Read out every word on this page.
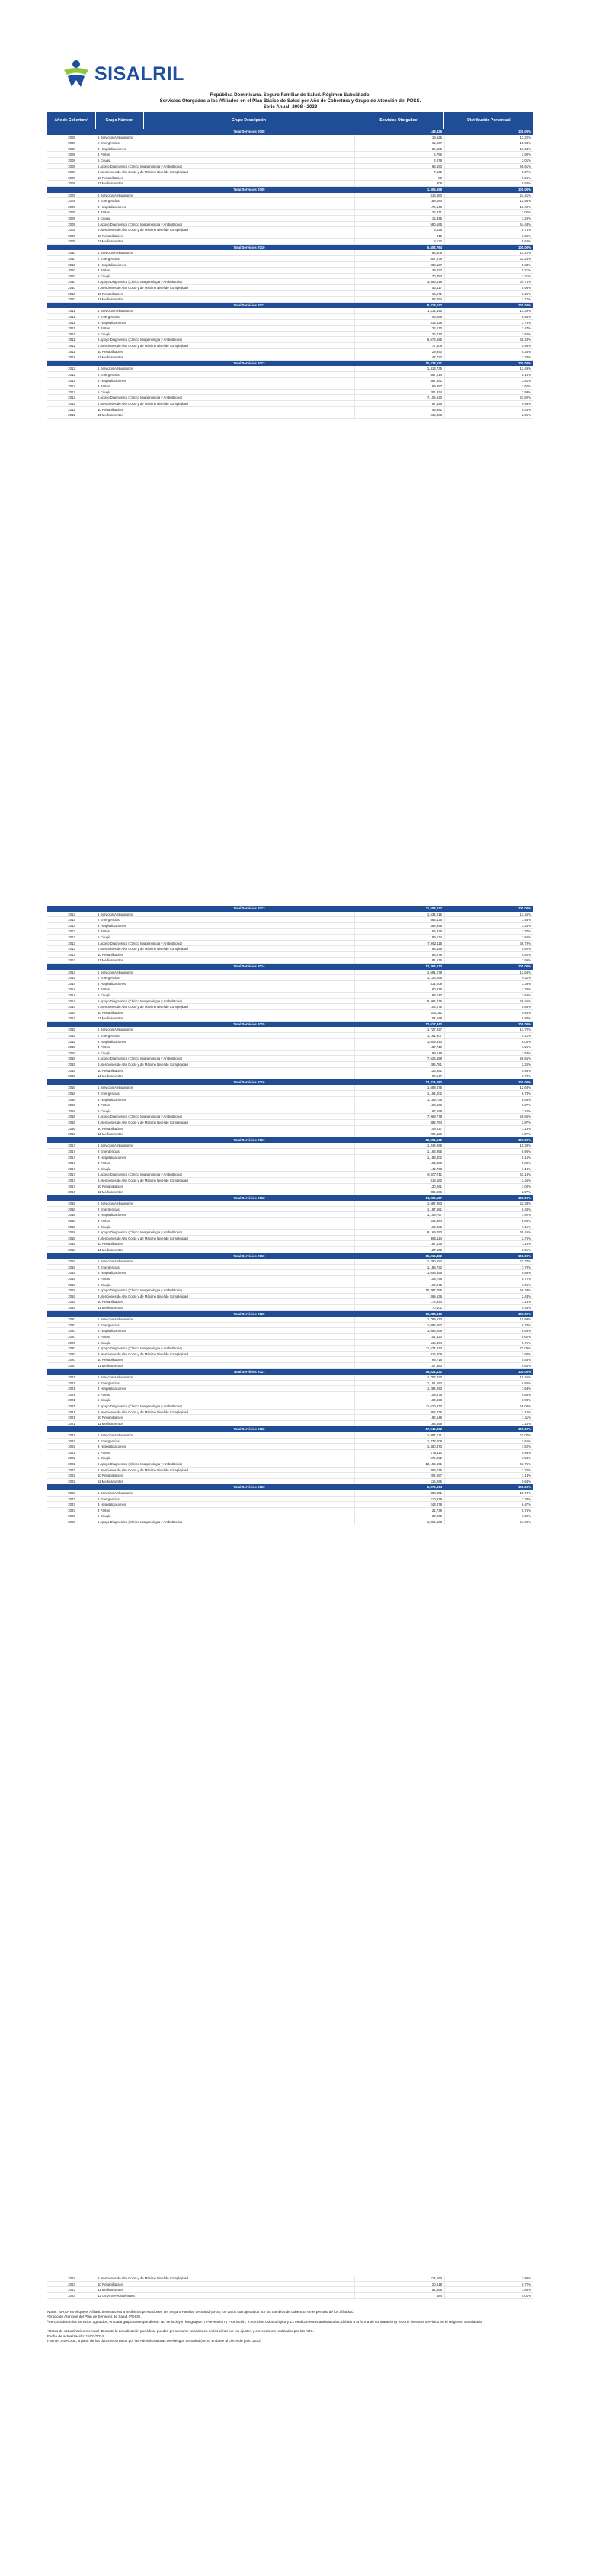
SISALRIL
República Dominicana. Seguro Familiar de Salud. Régimen Subsidiado.
Servicios Otorgados a los Afiliados en el Plan Básico de Salud por Año de Cobertura y Grupo de Atención del PDSS.
Serie Anual: 2008 - 2023
Año de Cobertura¹	Grupo Número²	Grupo Descripción	Servicios Otorgados³	Distribución Porcentual
Total Servicios 2008	148,436	100.00%
2008	1 Servicios Ambulatorios	19,626	13.22%
2008	2 Emergencias	16,237	10.94%
2008	3 Hospitalizaciones	26,185	17.64%
2008	4 Partos	5,796	3.90%
2008	5 Cirugía	2,979	2.01%
2008	6 Apoyo Diagnóstico (Clínico Imagenología y Ambulatorio)	69,193	46.61%
2008	8 Atenciones de Alto Costo y de Máximo Nivel de Complejidad	7,532	5.07%
2008	10 Rehabilitación	80	0.05%
2008	11 Medicamentos	808	0.54%
Total Servicios 2009	1,305,658	100.00%
2009	1 Servicios Ambulatorios	318,680	24.41%
2009	2 Emergencias	169,084	12.95%
2009	3 Hospitalizaciones	176,140	13.49%
2009	4 Partos	26,771	2.05%
2009	5 Cirugía	16,345	1.25%
2009	6 Apoyo Diagnóstico (Clínico Imagenología y Ambulatorio)	580,165	44.43%
2009	8 Atenciones de Alto Costo y de Máximo Nivel de Complejidad	9,526	0.73%
2009	10 Rehabilitación	815	0.06%
2009	11 Medicamentos	8,132	0.62%
Total Servicios 2010	5,402,764	100.00%
2010	1 Servicios Ambulatorios	768,508	14.22%
2010	2 Emergencias	607,679	11.25%
2010	3 Hospitalizaciones	288,127	5.33%
2010	4 Partos	38,337	0.71%
2010	5 Cirugía	70,753	1.31%
2010	6 Apoyo Diagnóstico (Clínico Imagenología y Ambulatorio)	3,498,318	64.75%
2010	8 Atenciones de Alto Costo y de Máximo Nivel de Complejidad	52,117	0.96%
2010	10 Rehabilitación	15,671	0.29%
2010	11 Medicamentos	63,254	1.17%
Total Servicios 2011	8,318,527	100.00%
2011	1 Servicios Ambulatorios	1,114,145	13.39%
2011	2 Emergencias	709,698	8.53%
2011	3 Hospitalizaciones	314,428	3.78%
2011	4 Partos	122,170	1.47%
2011	5 Cirugía	126,710	1.52%
2011	6 Apoyo Diagnóstico (Clínico Imagenología y Ambulatorio)	5,676,585	68.24%
2011	8 Atenciones de Alto Costo y de Máximo Nivel de Complejidad	77,109	0.93%
2011	10 Rehabilitación	29,950	0.36%
2011	11 Medicamentos	147,732	1.78%
Total Servicios 2012	10,478,531	100.00%
2012	1 Servicios Ambulatorios	1,413,735	13.49%
2012	2 Emergencias	857,214	8.18%
2012	3 Hospitalizaciones	367,591	3.51%
2012	4 Partos	169,257	1.62%
2012	5 Cirugía	201,934	1.93%
2012	6 Apoyo Diagnóstico (Clínico Imagenología y Ambulatorio)	7,106,620	67.82%
2012	8 Atenciones de Alto Costo y de Máximo Nivel de Complejidad	97,146	0.93%
2012	10 Rehabilitación	49,951	0.48%
2012	11 Medicamentos	215,083	2.05%
Total Servicios 2013	11,408,672	100.00%
2013	1 Servicios Ambulatorios	1,534,015	13.45%
2013	2 Emergencias	865,135	7.58%
2013	3 Hospitalizaciones	368,898	3.23%
2013	4 Partos	155,825	1.37%
2013	5 Cirugía	189,134	1.66%
2013	6 Apoyo Diagnóstico (Clínico Imagenología y Ambulatorio)	7,962,115	69.79%
2013	8 Atenciones de Alto Costo y de Máximo Nivel de Complejidad	93,155	0.82%
2013	10 Rehabilitación	58,879	0.52%
2013	11 Medicamentos	181,516	1.59%
Total Servicios 2014	12,364,633	100.00%
2014	1 Servicios Ambulatorios	1,691,279	13.68%
2014	2 Emergencias	1,126,255	9.11%
2014	3 Hospitalizaciones	412,009	3.33%
2014	4 Partos	160,278	1.30%
2014	5 Cirugía	193,142	1.56%
2014	6 Apoyo Diagnóstico (Clínico Imagenología y Ambulatorio)	8,464,215	68.45%
2014	8 Atenciones de Alto Costo y de Máximo Nivel de Complejidad	108,276	0.88%
2014	10 Rehabilitación	105,011	0.85%
2014	11 Medicamentos	104,168	0.84%
Total Servicios 2015	12,617,342	100.00%
2015	1 Servicios Ambulatorios	1,727,927	13.70%
2015	2 Emergencias	1,161,907	9.21%
2015	3 Hospitalizaciones	1,009,440	8.00%
2015	4 Partos	157,719	1.25%
2015	5 Cirugía	199,548	1.58%
2015	6 Apoyo Diagnóstico (Clínico Imagenología y Ambulatorio)	7,526,189	59.65%
2015	8 Atenciones de Alto Costo y de Máximo Nivel de Complejidad	285,781	2.26%
2015	10 Rehabilitación	123,981	0.98%
2015	11 Medicamentos	90,647	0.72%
Total Servicios 2016	13,316,083	100.00%
2016	1 Servicios Ambulatorios	1,688,676	12.68%
2016	2 Emergencias	1,164,002	8.74%
2016	3 Hospitalizaciones	1,155,735	8.68%
2016	4 Partos	128,596	0.97%
2016	5 Cirugía	167,599	1.26%
2016	6 Apoyo Diagnóstico (Clínico Imagenología y Ambulatorio)	7,969,778	59.85%
2016	8 Atenciones de Alto Costo y de Máximo Nivel de Complejidad	382,754	2.87%
2016	10 Rehabilitación	149,817	1.13%
2016	11 Medicamentos	209,126	1.57%
Total Servicios 2017	12,991,562	100.00%
2017	1 Servicios Ambulatorios	1,349,288	10.39%
2017	2 Emergencias	1,163,955	8.96%
2017	3 Hospitalizaciones	1,189,402	9.16%
2017	4 Partos	104,089	0.80%
2017	5 Cirugía	142,798	1.10%
2017	6 Apoyo Diagnóstico (Clínico Imagenología y Ambulatorio)	8,207,711	63.18%
2017	8 Atenciones de Alto Costo y de Máximo Nivel de Complejidad	318,152	2.45%
2017	10 Rehabilitación	130,261	1.00%
2017	11 Medicamentos	385,906	2.97%
Total Servicios 2018	14,009,187	100.00%
2018	1 Servicios Ambulatorios	1,587,383	11.33%
2018	2 Emergencias	1,187,581	8.48%
2018	3 Hospitalizaciones	1,109,797	7.92%
2018	4 Partos	112,394	0.80%
2018	5 Cirugía	162,685	1.16%
2018	6 Apoyo Diagnóstico (Clínico Imagenología y Ambulatorio)	9,169,493	65.45%
2018	8 Atenciones de Alto Costo y de Máximo Nivel de Complejidad	385,114	2.75%
2018	10 Rehabilitación	167,135	1.19%
2018	11 Medicamentos	127,605	0.91%
Total Servicios 2019	15,216,452	100.00%
2019	1 Servicios Ambulatorios	1,790,594	11.77%
2019	2 Emergencias	1,185,732	7.79%
2019	3 Hospitalizaciones	1,048,655	6.89%
2019	4 Partos	108,799	0.72%
2019	5 Cirugía	160,175	1.05%
2019	6 Apoyo Diagnóstico (Clínico Imagenología y Ambulatorio)	10,397,755	68.33%
2019	8 Atenciones de Alto Costo y de Máximo Nivel de Complejidad	369,536	2.43%
2019	10 Rehabilitación	178,924	1.18%
2019	11 Medicamentos	70,102	0.46%
Total Servicios 2020	16,283,919	100.00%
2020	1 Servicios Ambulatorios	1,789,673	10.99%
2020	2 Emergencias	1,096,282	6.73%
2020	3 Hospitalizaciones	1,088,899	6.69%
2020	4 Partos	101,520	0.62%
2020	5 Cirugía	115,364	0.71%
2020	6 Apoyo Diagnóstico (Clínico Imagenología y Ambulatorio)	11,574,873	71.08%
2020	8 Atenciones de Alto Costo y de Máximo Nivel de Complejidad	316,209	1.94%
2020	10 Rehabilitación	93,716	0.58%
2020	11 Medicamentos	107,383	0.66%
Total Servicios 2021	16,821,432	100.00%
2021	1 Servicios Ambulatorios	1,757,820	10.45%
2021	2 Emergencias	1,151,592	6.85%
2021	3 Hospitalizaciones	1,284,253	7.63%
2021	4 Partos	109,178	0.65%
2021	5 Cirugía	164,638	0.98%
2021	6 Apoyo Diagnóstico (Clínico Imagenología y Ambulatorio)	11,620,970	69.08%
2021	8 Atenciones de Alto Costo y de Máximo Nivel de Complejidad	352,775	2.10%
2021	10 Rehabilitación	186,548	1.11%
2021	11 Medicamentos	193,658	1.15%
Total Servicios 2022	17,946,302	100.00%
2022	1 Servicios Ambulatorios	1,987,121	11.07%
2022	2 Emergencias	1,373,008	7.65%
2022	3 Hospitalizaciones	1,350,373	7.52%
2022	4 Partos	175,110	0.98%
2022	5 Cirugía	275,202	1.53%
2022	6 Apoyo Diagnóstico (Clínico Imagenología y Ambulatorio)	12,159,651	67.76%
2022	8 Atenciones de Alto Costo y de Máximo Nivel de Complejidad	308,015	1.72%
2022	10 Rehabilitación	202,557	1.13%
2022	11 Medicamentos	115,265	0.64%
Total Servicios 2023	2,879,904	100.00%
2023	1 Servicios Ambulatorios	308,251	10.70%
2023	2 Emergencias	210,979	7.33%
2023	3 Hospitalizaciones	243,878	8.47%
2023	4 Partos	21,739	0.75%
2023	5 Cirugía	37,962	1.32%
2023	6 Apoyo Diagnóstico (Clínico Imagenología y Ambulatorio)	1,869,138	64.90%
2023	8 Atenciones de Alto Costo y de Máximo Nivel de Complejidad	114,560	3.98%
2023	10 Rehabilitación	20,618	0.72%
2023	11 Medicamentos	52,595	1.83%
2023	12 Otros Servicios/Partes	184	0.01%

Notas: SIRSA en el que el Afiliado tiene acceso a recibir las prestaciones del Seguro Familiar de Salud (SFS), los datos son ajustados por los cambios de cobertura en el periodo de los afiliados.

²Grupo de Atención del Plan de Servicios de Salud (PDSS).

³Se consideran los servicios agotados, en cada grupo correspondiente. No se incluyen los grupos: 7 Prevención y Promoción, 9 Atención Odontológica y 13 Medicamentos ambulatorios, debido a la forma de contratación y reporte de estos servicios en el Régimen Subsidiado.

⁴Datos de actualización mensual. Durante la actualización periódica, pueden presentarse variaciones en las cifras por los ajustes y correcciones realizados por las ARS.

Fecha de actualización: 15/03/2024

Fuente: SISALRIL, a partir de los datos reportados por las Administradoras de Riesgos de Salud (ARS) en base al cierre de junio 2023.
